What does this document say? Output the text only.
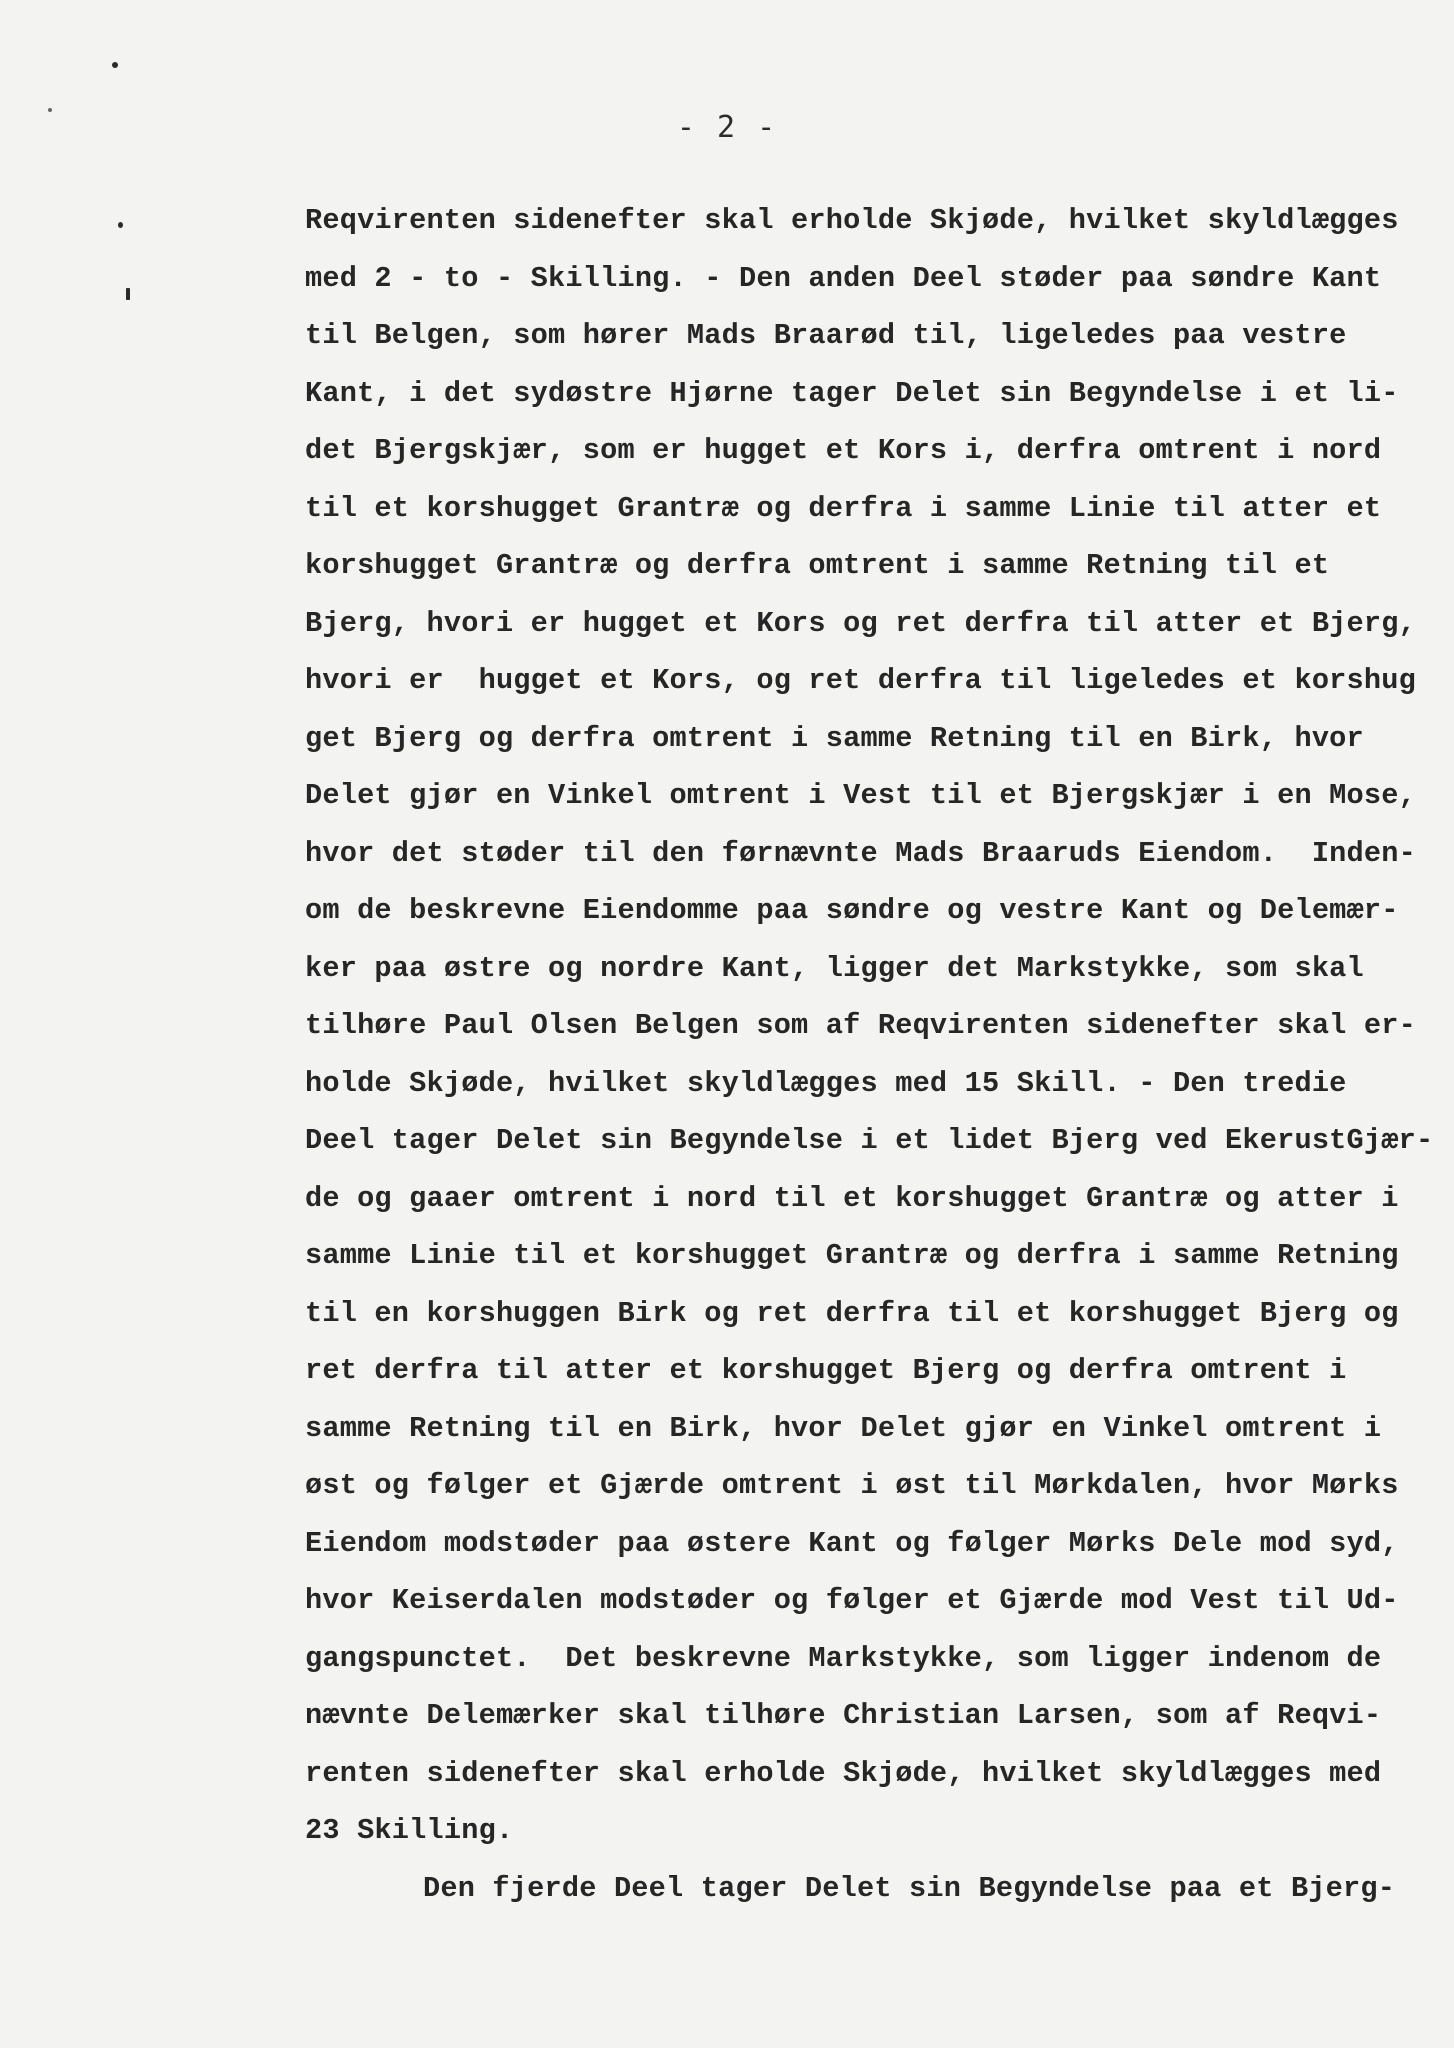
- 2 -
Reqvirenten sidenefter skal erholde Skjøde, hvilket skyldlægges
med 2 - to - Skilling. - Den anden Deel støder paa søndre Kant
til Belgen, som hører Mads Braarød til, ligeledes paa vestre
Kant, i det sydøstre Hjørne tager Delet sin Begyndelse i et li-
det Bjergskjær, som er hugget et Kors i, derfra omtrent i nord
til et korshugget Grantræ og derfra i samme Linie til atter et
korshugget Grantræ og derfra omtrent i samme Retning til et
Bjerg, hvori er hugget et Kors og ret derfra til atter et Bjerg,
hvori er  hugget et Kors, og ret derfra til ligeledes et korshug
get Bjerg og derfra omtrent i samme Retning til en Birk, hvor
Delet gjør en Vinkel omtrent i Vest til et Bjergskjær i en Mose,
hvor det støder til den førnævnte Mads Braaruds Eiendom.  Inden-
om de beskrevne Eiendomme paa søndre og vestre Kant og Delemær-
ker paa østre og nordre Kant, ligger det Markstykke, som skal
tilhøre Paul Olsen Belgen som af Reqvirenten sidenefter skal er-
holde Skjøde, hvilket skyldlægges med 15 Skill. - Den tredie
Deel tager Delet sin Begyndelse i et lidet Bjerg ved EkerustGjær-
de og gaaer omtrent i nord til et korshugget Grantræ og atter i
samme Linie til et korshugget Grantræ og derfra i samme Retning
til en korshuggen Birk og ret derfra til et korshugget Bjerg og
ret derfra til atter et korshugget Bjerg og derfra omtrent i
samme Retning til en Birk, hvor Delet gjør en Vinkel omtrent i
øst og følger et Gjærde omtrent i øst til Mørkdalen, hvor Mørks
Eiendom modstøder paa østere Kant og følger Mørks Dele mod syd,
hvor Keiserdalen modstøder og følger et Gjærde mod Vest til Ud-
gangspunctet.  Det beskrevne Markstykke, som ligger indenom de
nævnte Delemærker skal tilhøre Christian Larsen, som af Reqvi-
renten sidenefter skal erholde Skjøde, hvilket skyldlægges med
23 Skilling.
Den fjerde Deel tager Delet sin Begyndelse paa et Bjerg-
